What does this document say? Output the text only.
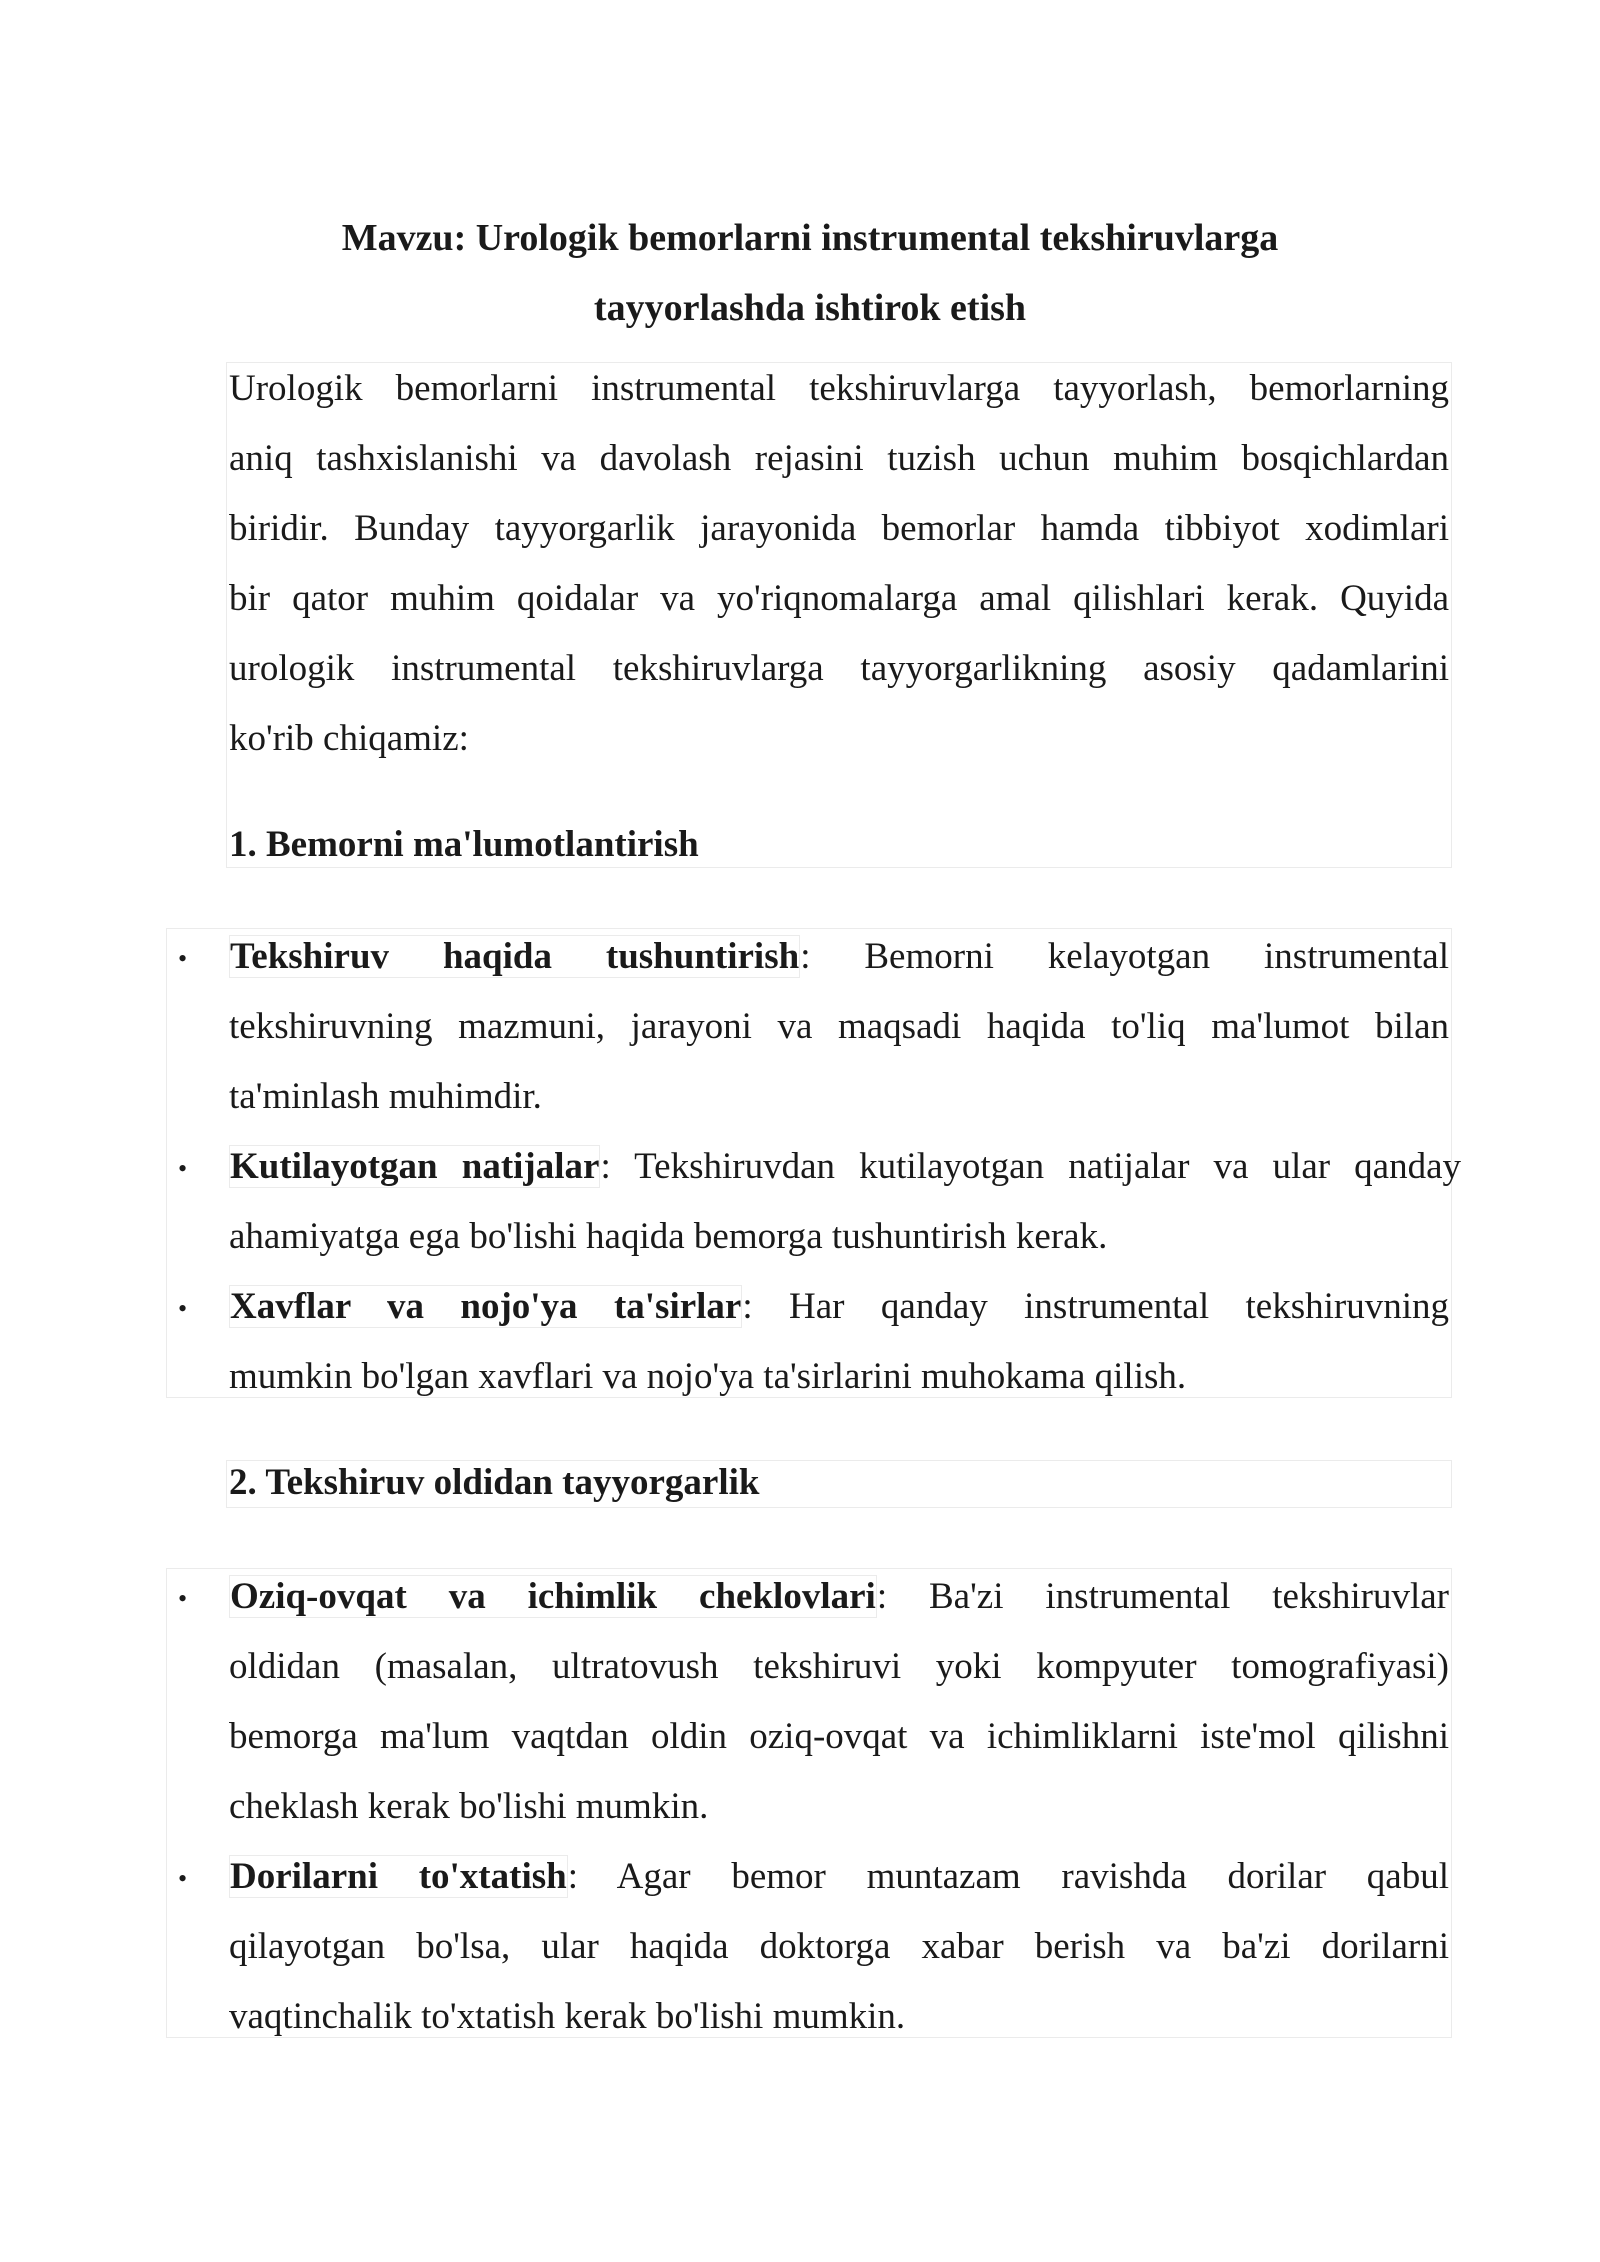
Mavzu: Urologik bemorlarni instrumental tekshiruvlarga
tayyorlashda ishtirok etish
Urologik bemorlarni instrumental tekshiruvlarga tayyorlash, bemorlarning
aniq tashxislanishi va davolash rejasini tuzish uchun muhim bosqichlardan
biridir. Bunday tayyorgarlik jarayonida bemorlar hamda tibbiyot xodimlari
bir qator muhim qoidalar va yo'riqnomalarga amal qilishlari kerak. Quyida
urologik instrumental tekshiruvlarga tayyorgarlikning asosiy qadamlarini
ko'rib chiqamiz:
1. Bemorni ma'lumotlantirish
• Tekshiruv haqida tushuntirish: Bemorni kelayotgan instrumental
tekshiruvning mazmuni, jarayoni va maqsadi haqida to'liq ma'lumot bilan
ta'minlash muhimdir.
• Kutilayotgan natijalar: Tekshiruvdan kutilayotgan natijalar va ular qanday
ahamiyatga ega bo'lishi haqida bemorga tushuntirish kerak.
• Xavflar va nojo'ya ta'sirlar: Har qanday instrumental tekshiruvning
mumkin bo'lgan xavflari va nojo'ya ta'sirlarini muhokama qilish.
2. Tekshiruv oldidan tayyorgarlik
• Oziq-ovqat va ichimlik cheklovlari: Ba'zi instrumental tekshiruvlar
oldidan (masalan, ultratovush tekshiruvi yoki kompyuter tomografiyasi)
bemorga ma'lum vaqtdan oldin oziq-ovqat va ichimliklarni iste'mol qilishni
cheklash kerak bo'lishi mumkin.
• Dorilarni to'xtatish: Agar bemor muntazam ravishda dorilar qabul
qilayotgan bo'lsa, ular haqida doktorga xabar berish va ba'zi dorilarni
vaqtinchalik to'xtatish kerak bo'lishi mumkin.
